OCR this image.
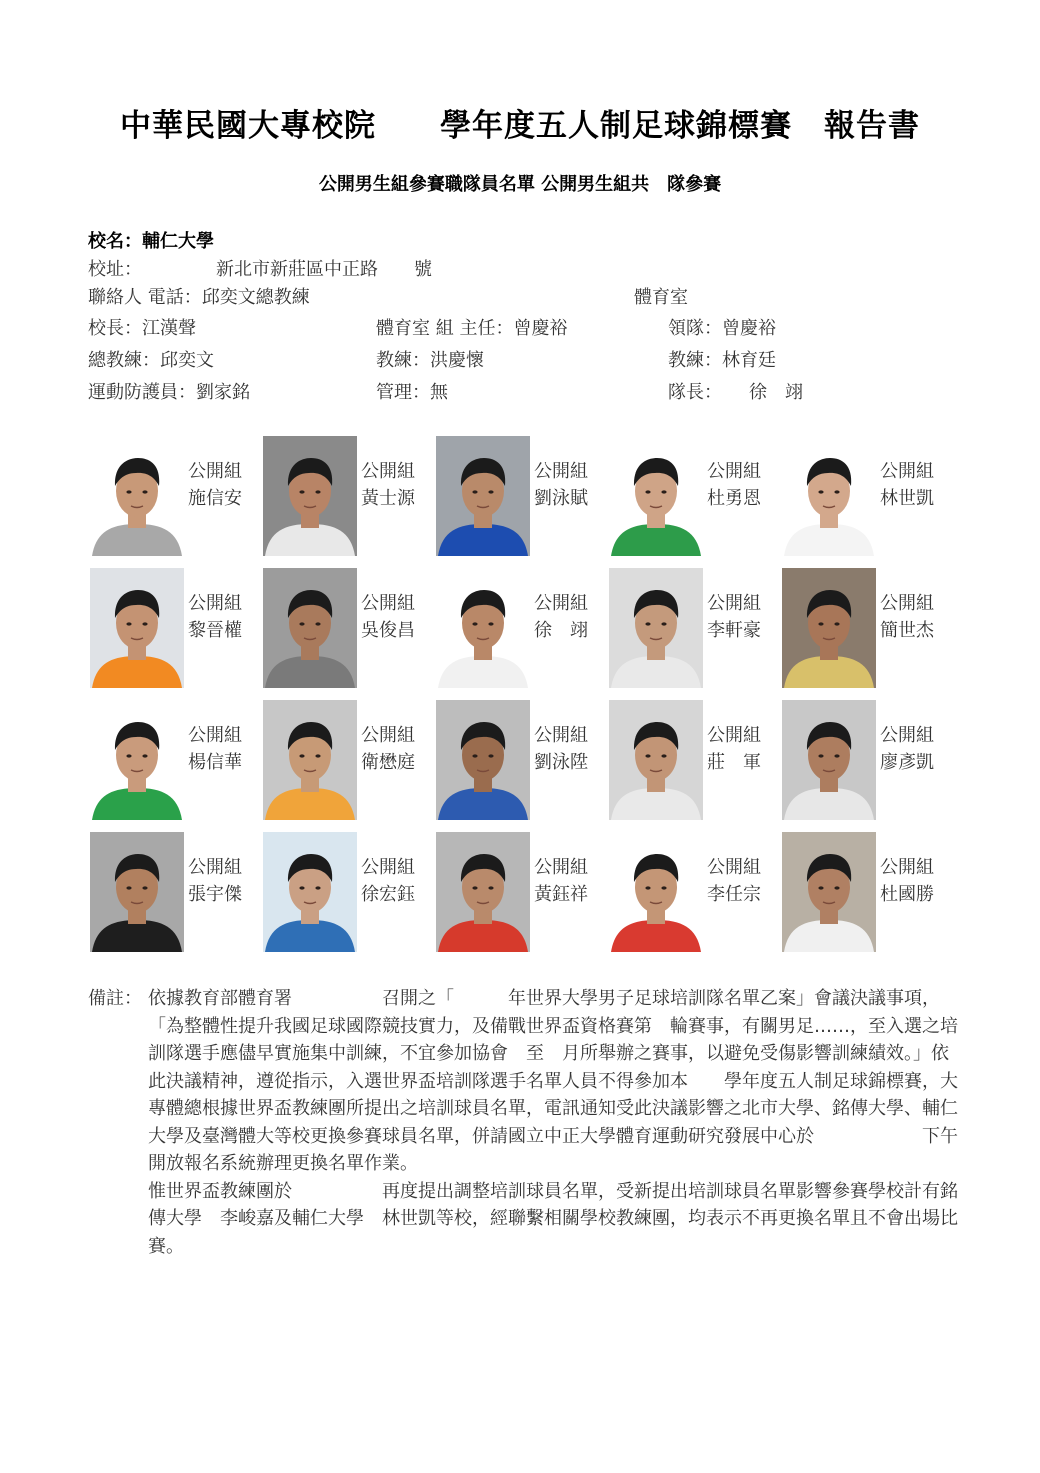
中華民國大專校院　　學年度五人制足球錦標賽　報告書
公開男生組參賽職隊員名單 公開男生組共　隊參賽
校名：輔仁大學
校址：	新北市新莊區中正路　　號
聯絡人 電話：邱奕文總教練	體育室
校長：江漢聲	體育室 組 主任：曾慶裕	領隊：曾慶裕
總教練：邱奕文	教練：洪慶懷	教練：林育廷
運動防護員：劉家銘	管理：無	隊長：　　徐　翊
公開組
施信安
公開組
黃士源
公開組
劉泳賦
公開組
杜勇恩
公開組
林世凱
公開組
黎晉權
公開組
吳俊昌
公開組
徐　翊
公開組
李軒豪
公開組
簡世杰
公開組
楊信華
公開組
衛懋庭
公開組
劉泳陞
公開組
莊　軍
公開組
廖彥凱
公開組
張宇傑
公開組
徐宏鈺
公開組
黃鈺祥
公開組
李任宗
公開組
杜國勝
備註： 依據教育部體育署　　　　　召開之「　　　年世界大學男子足球培訓隊名單乙案」會議決議事項，「為整體性提升我國足球國際競技實力，及備戰世界盃資格賽第　輪賽事，有關男足……，至入選之培訓隊選手應儘早實施集中訓練，不宜參加協會　至　月所舉辦之賽事，以避免受傷影響訓練績效。」依此決議精神，遵從指示，入選世界盃培訓隊選手名單人員不得參加本　　學年度五人制足球錦標賽，大專體總根據世界盃教練團所提出之培訓球員名單，電訊通知受此決議影響之北市大學、銘傳大學、輔仁大學及臺灣體大等校更換參賽球員名單，併請國立中正大學體育運動研究發展中心於　　　　　　下午開放報名系統辦理更換名單作業。

惟世界盃教練團於　　　　　再度提出調整培訓球員名單，受新提出培訓球員名單影響參賽學校計有銘傳大學　李峻嘉及輔仁大學　林世凱等校，經聯繫相關學校教練團，均表示不再更換名單且不會出場比賽。
